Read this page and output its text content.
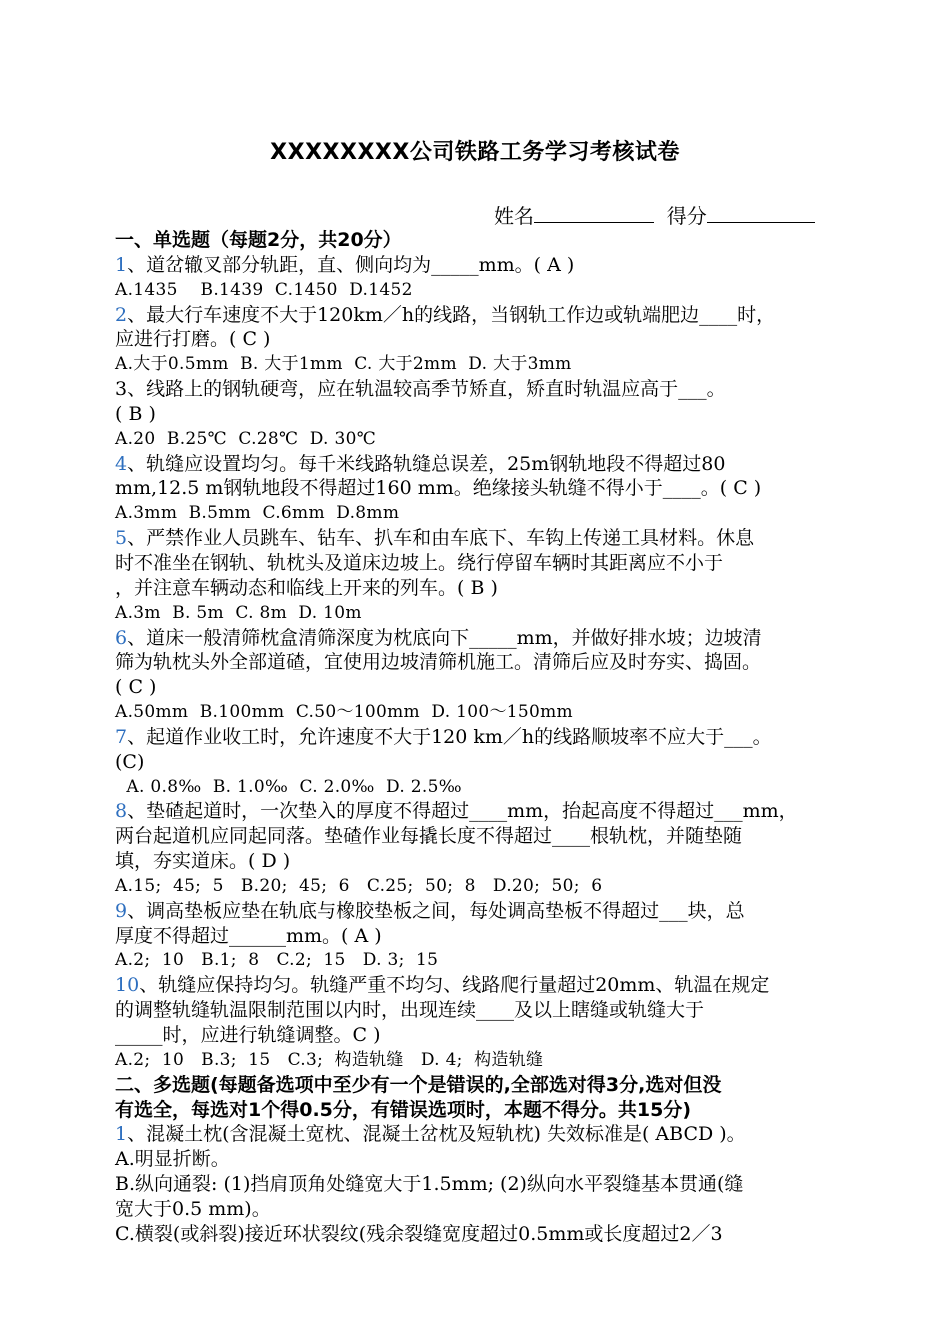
XXXXXXXX公司铁路工务学习考核试卷
姓名	得分
一、单选题（每题2分，共20分）
1、道岔辙叉部分轨距，直、侧向均为_____mm。( A )
A.1435    B.1439  C.1450  D.1452
2、最大行车速度不大于120km／h的线路，当钢轨工作边或轨端肥边____时，
应进行打磨。( C )
A.大于0.5mm  B. 大于1mm  C. 大于2mm  D. 大于3mm
3、线路上的钢轨硬弯，应在轨温较高季节矫直，矫直时轨温应高于___。
( B )
A.20  B.25℃  C.28℃  D. 30℃
4、轨缝应设置均匀。每千米线路轨缝总误差，25m钢轨地段不得超过80
mm,12.5 m钢轨地段不得超过160 mm。绝缘接头轨缝不得小于____。( C )
A.3mm  B.5mm  C.6mm  D.8mm
5、严禁作业人员跳车、钻车、扒车和由车底下、车钩上传递工具材料。休息
时不准坐在钢轨、轨枕头及道床边坡上。绕行停留车辆时其距离应不小于
，并注意车辆动态和临线上开来的列车。( B )
A.3m  B. 5m  C. 8m  D. 10m
6、道床一般清筛枕盒清筛深度为枕底向下_____mm，并做好排水坡；边坡清
筛为轨枕头外全部道碴，宜使用边坡清筛机施工。清筛后应及时夯实、捣固。
( C )
A.50mm  B.100mm  C.50～100mm  D. 100～150mm
7、起道作业收工时，允许速度不大于120 km／h的线路顺坡率不应大于___。
(C)
A. 0.8‰  B. 1.0‰  C. 2.0‰  D. 2.5‰
8、垫碴起道时，一次垫入的厚度不得超过____mm，抬起高度不得超过___mm，
两台起道机应同起同落。垫碴作业每撬长度不得超过____根轨枕，并随垫随
填，夯实道床。( D )
A.15;  45;  5   B.20;  45;  6   C.25;  50;  8   D.20;  50;  6
9、调高垫板应垫在轨底与橡胶垫板之间，每处调高垫板不得超过___块，总
厚度不得超过______mm。( A )
A.2;  10   B.1;  8   C.2;  15   D. 3;  15
10、轨缝应保持均匀。轨缝严重不均匀、线路爬行量超过20mm、轨温在规定
的调整轨缝轨温限制范围以内时，出现连续____及以上瞎缝或轨缝大于
_____时，应进行轨缝调整。C )
A.2;  10   B.3;  15   C.3;  构造轨缝   D. 4;  构造轨缝
二、多选题(每题备选项中至少有一个是错误的,全部选对得3分,选对但没
有选全，每选对1个得0.5分，有错误选项时，本题不得分。共15分)
1、混凝土枕(含混凝土宽枕、混凝土岔枕及短轨枕) 失效标准是( ABCD )。
A.明显折断。
B.纵向通裂: (1)挡肩顶角处缝宽大于1.5mm; (2)纵向水平裂缝基本贯通(缝
宽大于0.5 mm)。
C.横裂(或斜裂)接近环状裂纹(残余裂缝宽度超过0.5mm或长度超过2／3
